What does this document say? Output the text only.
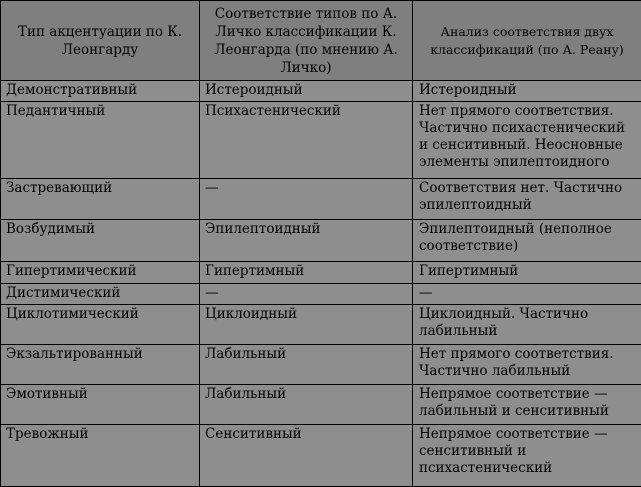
Тип акцентуации по К. Леонгарду	Соответствие типов по А. Личко классификации К. Леонгарда (по мнению А. Личко)	Анализ соответствия двух классификаций (по А. Реану)
Демонстративный	Истероидный	Истероидный
Педантичный	Психастенический	Нет прямого соответствия. Частично психастенический и сенситивный. Неосновные элементы эпилептоидного
Застревающий	—	Соответствия нет. Частично эпилептоидный
Возбудимый	Эпилептоидный	Эпилептоидный (неполное соответствие)
Гипертимический	Гипертимный	Гипертимный
Дистимический	—	—
Циклотимический	Циклоидный	Циклоидный. Частично лабильный
Экзальтированный	Лабильный	Нет прямого соответствия. Частично лабильный
Эмотивный	Лабильный	Непрямое соответствие — лабильный и сенситивный
Тревожный	Сенситивный	Непрямое соответствие — сенситивный и психастенический
